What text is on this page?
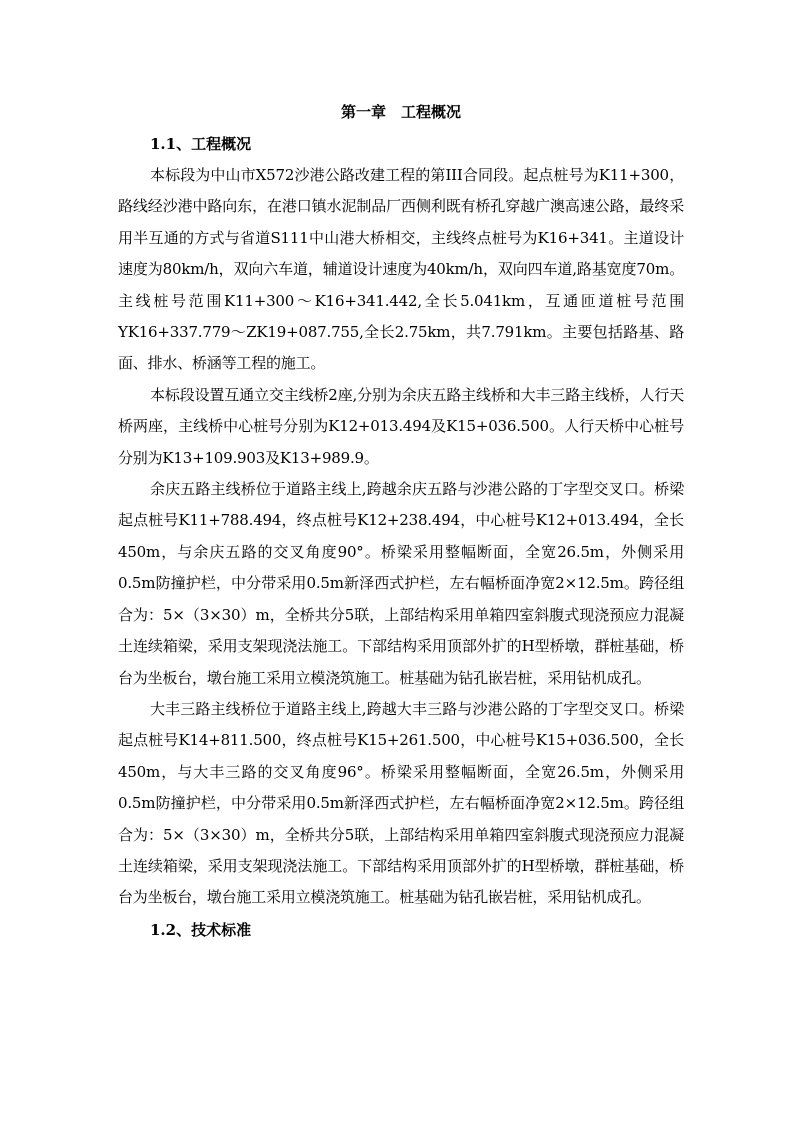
第一章　工程概况
1.1、工程概况

本标段为中山市X572沙港公路改建工程的第III合同段。起点桩号为K11+300，路线经沙港中路向东，在港口镇水泥制品厂西侧利既有桥孔穿越广澳高速公路，最终采用半互通的方式与省道S111中山港大桥相交，主线终点桩号为K16+341。主道设计速度为80km/h，双向六车道，辅道设计速度为40km/h，双向四车道,路基宽度70m。主线桩号范围K11+300～K16+341.442,全长5.041km，互通匝道桩号范围YK16+337.779～ZK19+087.755,全长2.75km，共7.791km。主要包括路基、路面、排水、桥涵等工程的施工。

本标段设置互通立交主线桥2座,分别为余庆五路主线桥和大丰三路主线桥，人行天桥两座，主线桥中心桩号分别为K12+013.494及K15+036.500。人行天桥中心桩号分别为K13+109.903及K13+989.9。

余庆五路主线桥位于道路主线上,跨越余庆五路与沙港公路的丁字型交叉口。桥梁起点桩号K11+788.494，终点桩号K12+238.494，中心桩号K12+013.494，全长450m，与余庆五路的交叉角度90°。桥梁采用整幅断面，全宽26.5m，外侧采用0.5m防撞护栏，中分带采用0.5m新泽西式护栏，左右幅桥面净宽2×12.5m。跨径组合为：5×（3×30）m，全桥共分5联，上部结构采用单箱四室斜腹式现浇预应力混凝土连续箱梁，采用支架现浇法施工。下部结构采用顶部外扩的H型桥墩，群桩基础，桥台为坐板台，墩台施工采用立模浇筑施工。桩基础为钻孔嵌岩桩，采用钻机成孔。

大丰三路主线桥位于道路主线上,跨越大丰三路与沙港公路的丁字型交叉口。桥梁起点桩号K14+811.500，终点桩号K15+261.500，中心桩号K15+036.500，全长450m，与大丰三路的交叉角度96°。桥梁采用整幅断面，全宽26.5m，外侧采用0.5m防撞护栏，中分带采用0.5m新泽西式护栏，左右幅桥面净宽2×12.5m。跨径组合为：5×（3×30）m，全桥共分5联，上部结构采用单箱四室斜腹式现浇预应力混凝土连续箱梁，采用支架现浇法施工。下部结构采用顶部外扩的H型桥墩，群桩基础，桥台为坐板台，墩台施工采用立模浇筑施工。桩基础为钻孔嵌岩桩，采用钻机成孔。

1.2、技术标准
